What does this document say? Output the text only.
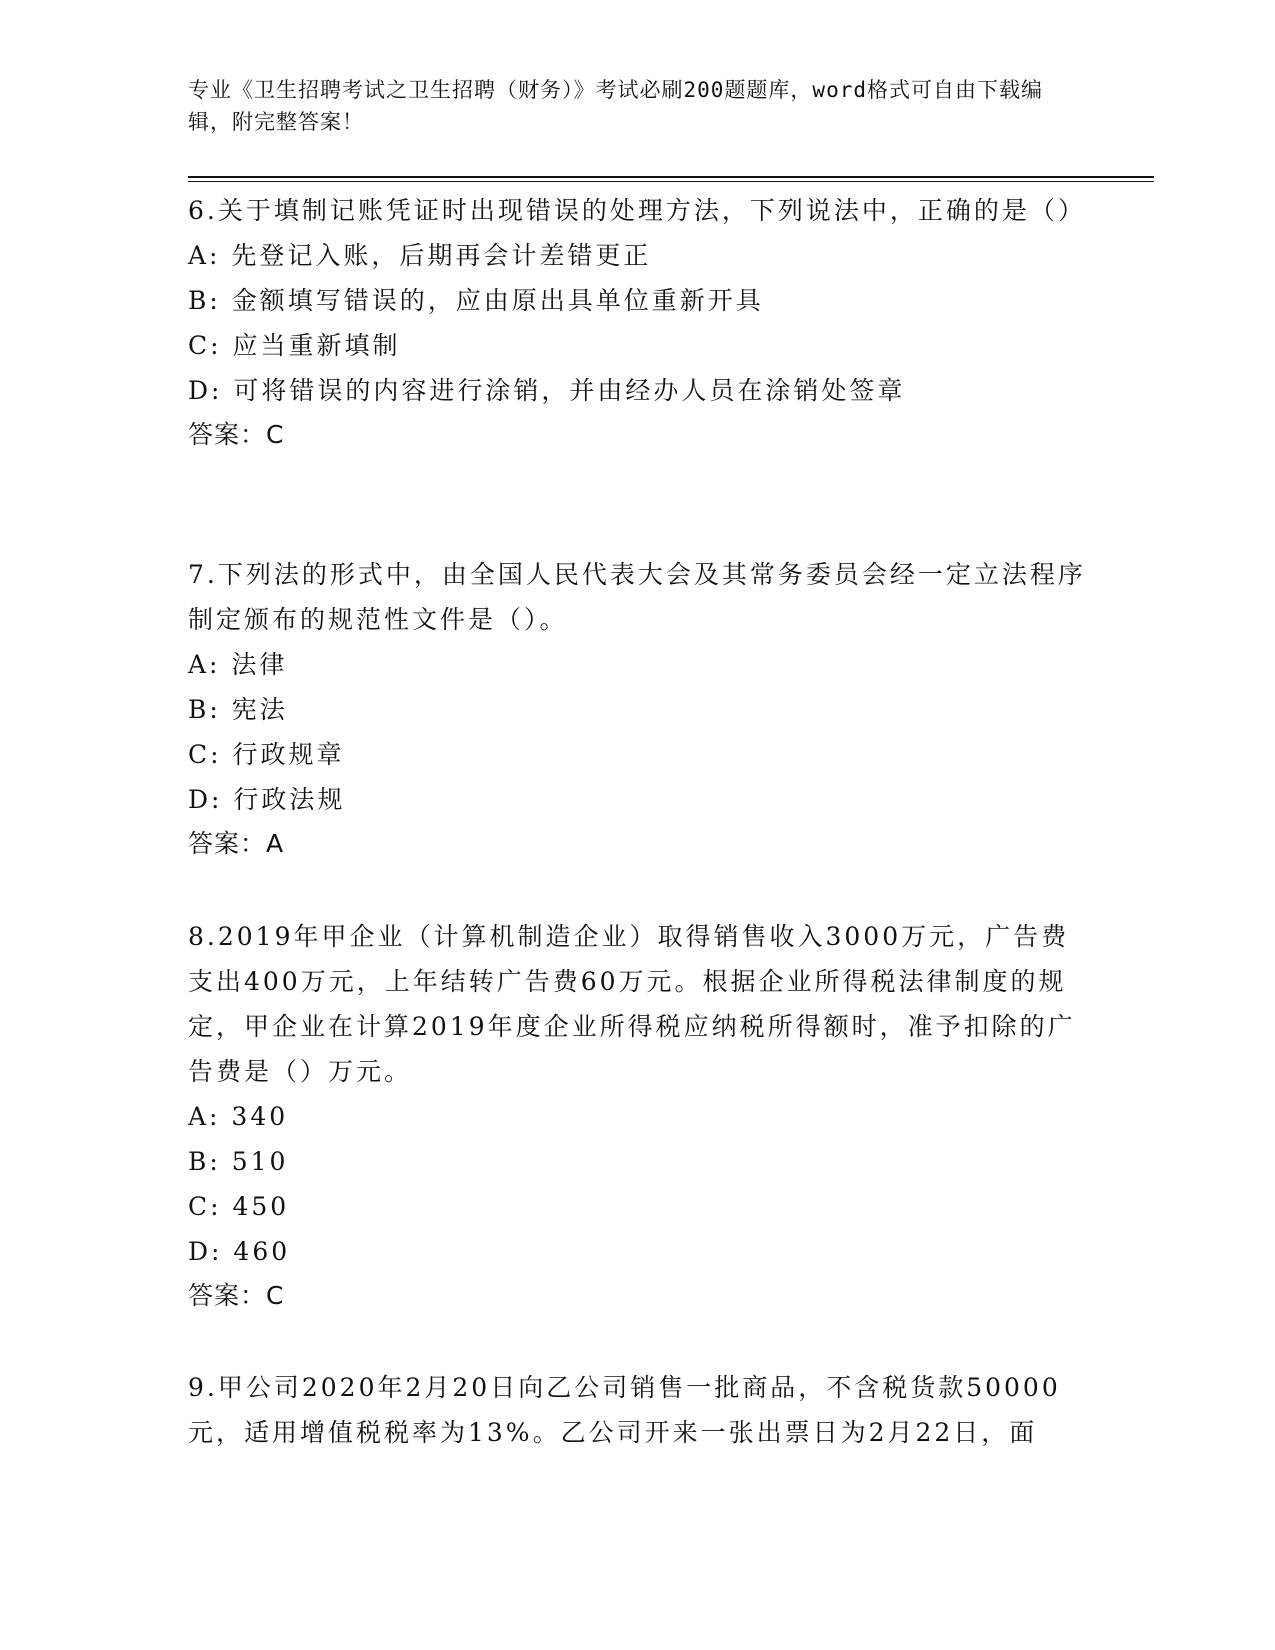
专业《卫生招聘考试之卫生招聘（财务）》考试必刷200题题库，word格式可自由下载编辑，附完整答案！
6.关于填制记账凭证时出现错误的处理方法，下列说法中，正确的是（）
A: 先登记入账，后期再会计差错更正
B: 金额填写错误的，应由原出具单位重新开具
C: 应当重新填制
D: 可将错误的内容进行涂销，并由经办人员在涂销处签章
答案：C
7.下列法的形式中，由全国人民代表大会及其常务委员会经一定立法程序制定颁布的规范性文件是（）。
A: 法律
B: 宪法
C: 行政规章
D: 行政法规
答案：A
8.2019年甲企业（计算机制造企业）取得销售收入3000万元，广告费支出400万元，上年结转广告费60万元。根据企业所得税法律制度的规定，甲企业在计算2019年度企业所得税应纳税所得额时，准予扣除的广告费是（）万元。
A: 340
B: 510
C: 450
D: 460
答案：C
9.甲公司2020年2月20日向乙公司销售一批商品，不含税货款50000元，适用增值税税率为13%。乙公司开来一张出票日为2月22日，面
